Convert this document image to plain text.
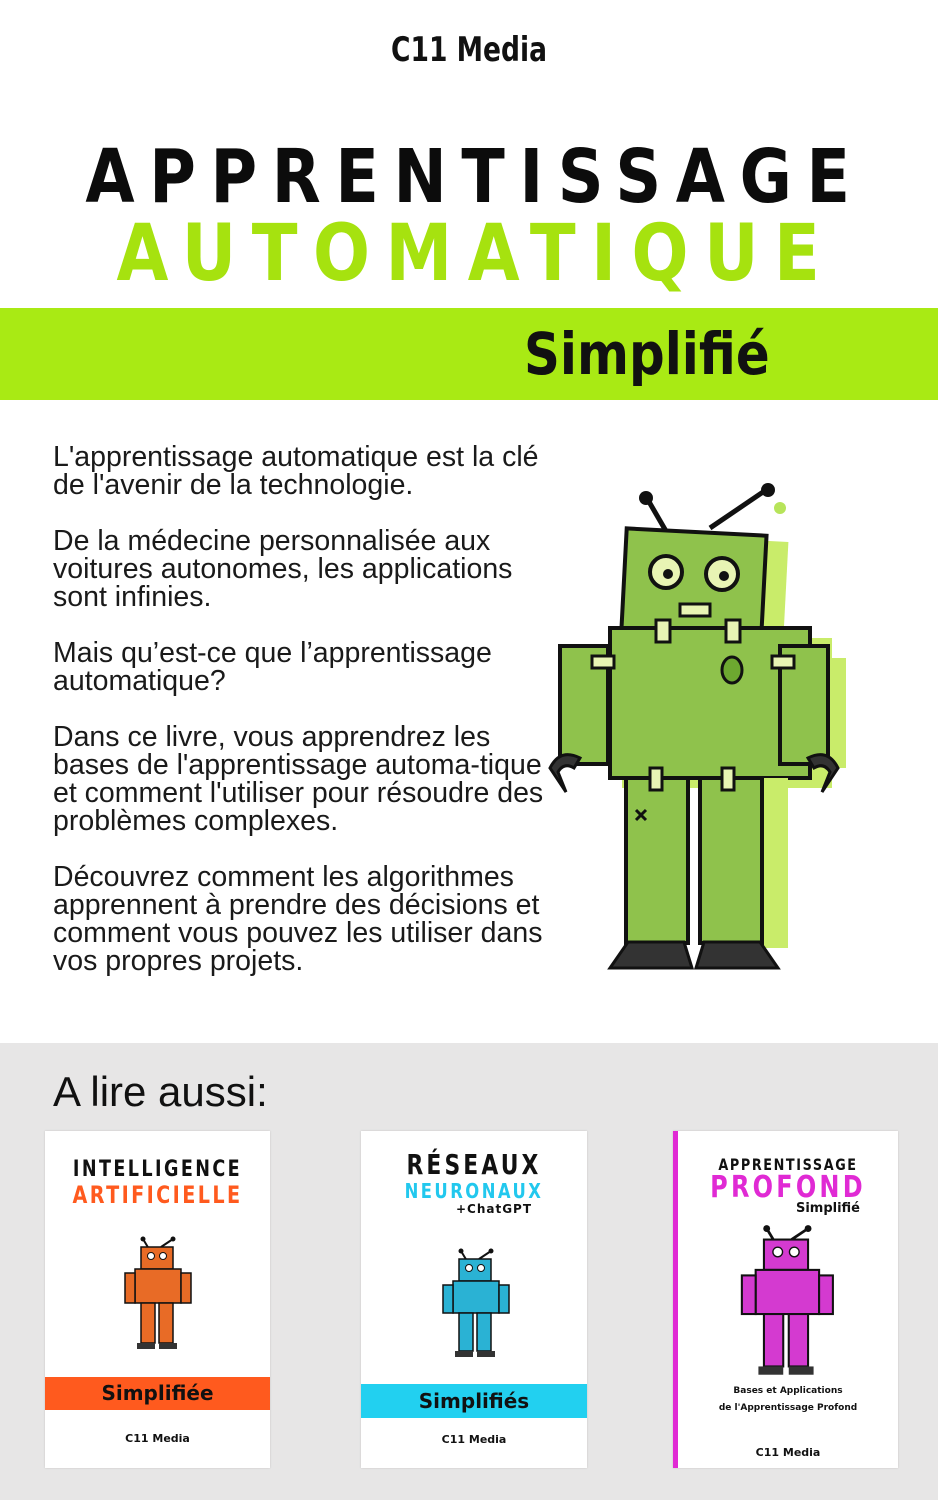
C11 Media
APPRENTISSAGE
AUTOMATIQUE
Simplifié

L'apprentissage automatique est la clé de l'avenir de la technologie.

De la médecine personnalisée aux voitures autonomes, les applications sont infinies.

Mais qu’est-ce que l’apprentissage automatique?

Dans ce livre, vous apprendrez les bases de l'apprentissage automa-tique et comment l'utiliser pour résoudre des problèmes complexes.

Découvrez comment les algorithmes apprennent à prendre des décisions et comment vous pouvez les utiliser dans vos propres projets.

A lire aussi:
INTELLIGENCE
ARTIFICIELLE
Simplifiée
C11 Media
RÉSEAUX
NEURONAUX
+ChatGPT
Simplifiés
C11 Media
APPRENTISSAGE
PROFOND
Simplifié
Bases et Applications
de l'Apprentissage Profond
C11 Media
